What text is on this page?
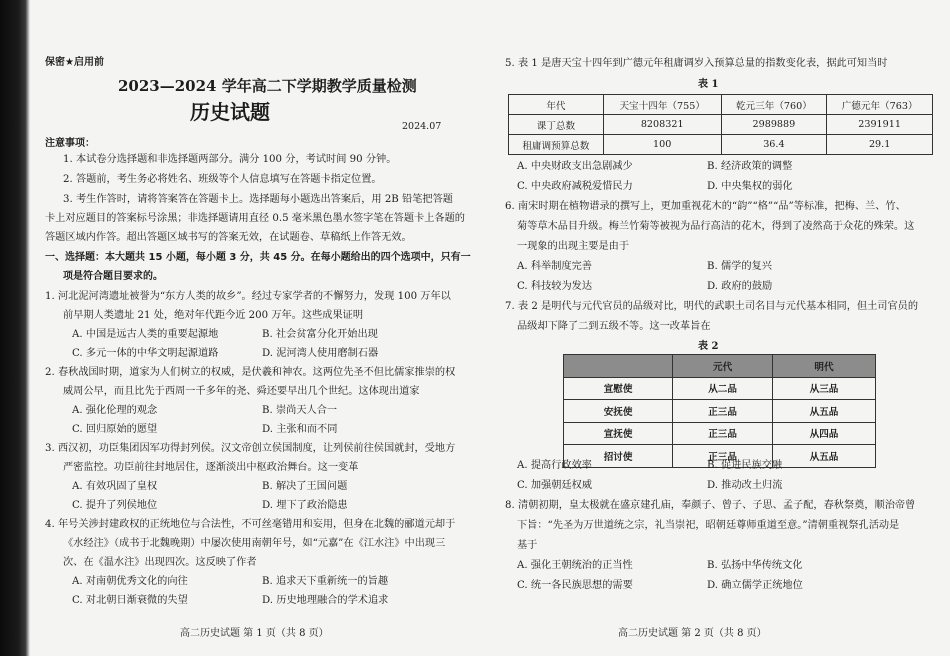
保密★启用前
2023—2024 学年高二下学期教学质量检测
历史试题
2024.07
注意事项：
1. 本试卷分选择题和非选择题两部分。满分 100 分，考试时间 90 分钟。
2. 答题前，考生务必将姓名、班级等个人信息填写在答题卡指定位置。
3. 考生作答时，请将答案答在答题卡上。选择题每小题选出答案后，用 2B 铅笔把答题
卡上对应题目的答案标号涂黑；非选择题请用直径 0.5 毫米黑色墨水签字笔在答题卡上各题的
答题区域内作答。超出答题区域书写的答案无效，在试题卷、草稿纸上作答无效。
一、选择题：本大题共 15 小题，每小题 3 分，共 45 分。在每小题给出的四个选项中，只有一
项是符合题目要求的。
1. 河北泥河湾遗址被誉为“东方人类的故乡”。经过专家学者的不懈努力，发现 100 万年以
前早期人类遗址 21 处，绝对年代距今近 200 万年。这些成果证明
A. 中国是远古人类的重要起源地	B. 社会贫富分化开始出现
C. 多元一体的中华文明起源道路	D. 泥河湾人使用磨制石器
2. 春秋战国时期，道家为人们树立的权威，是伏羲和神农。这两位先圣不但比儒家推崇的权
威周公早，而且比先于西周一千多年的尧、舜还要早出几个世纪。这体现出道家
A. 强化伦理的观念	B. 崇尚天人合一
C. 回归原始的愿望	D. 主张和而不同
3. 西汉初，功臣集团因军功得封列侯。汉文帝创立侯国制度，让列侯前往侯国就封，受地方
严密监控。功臣前往封地居住，逐渐淡出中枢政治舞台。这一变革
A. 有效巩固了皇权	B. 解决了王国问题
C. 提升了列侯地位	D. 埋下了政治隐患
4. 年号关涉封建政权的正统地位与合法性，不可丝毫错用和妄用，但身在北魏的郦道元却于
《水经注》（成书于北魏晚期）中屡次使用南朝年号，如“元嘉”在《江水注》中出现三
次、在《温水注》出现四次。这反映了作者
A. 对南朝优秀文化的向往	B. 追求天下重新统一的旨趣
C. 对北朝日渐衰微的失望	D. 历史地理融合的学术追求
高二历史试题 第 1 页（共 8 页）
5. 表 1 是唐天宝十四年到广德元年租庸调岁入预算总量的指数变化表，据此可知当时
表 1
年代	天宝十四年（755）	乾元三年（760）	广德元年（763）
课丁总数	8208321	2989889	2391911
租庸调预算总数	100	36.4	29.1
A. 中央财政支出急剧减少	B. 经济政策的调整
C. 中央政府减税爱惜民力	D. 中央集权的弱化
6. 南宋时期在植物谱录的撰写上，更加重视花木的“韵”“格”“品”等标准，把梅、兰、竹、
菊等草木品目升级。梅兰竹菊等被视为品行高洁的花木，得到了凌然高于众花的殊荣。这
一现象的出现主要是由于
A. 科举制度完善	B. 儒学的复兴
C. 科技较为发达	D. 政府的鼓励
7. 表 2 是明代与元代官员的品级对比，明代的武职土司名目与元代基本相同，但土司官员的
品级却下降了二到五级不等。这一改革旨在
表 2
	元代	明代
宣慰使	从二品	从三品
安抚使	正三品	从五品
宣抚使	正三品	从四品
招讨使	正三品	从五品
A. 提高行政效率	B. 促进民族交融
C. 加强朝廷权威	D. 推动改土归流
8. 清朝初期，皇太极就在盛京建孔庙，奉颜子、曾子、子思、孟子配，春秋祭奠，顺治帝曾
下旨：“先圣为万世道统之宗，礼当崇祀，昭朝廷尊师重道至意。”清朝重视祭孔活动是
基于
A. 强化王朝统治的正当性	B. 弘扬中华传统文化
C. 统一各民族思想的需要	D. 确立儒学正统地位
高二历史试题 第 2 页（共 8 页）
